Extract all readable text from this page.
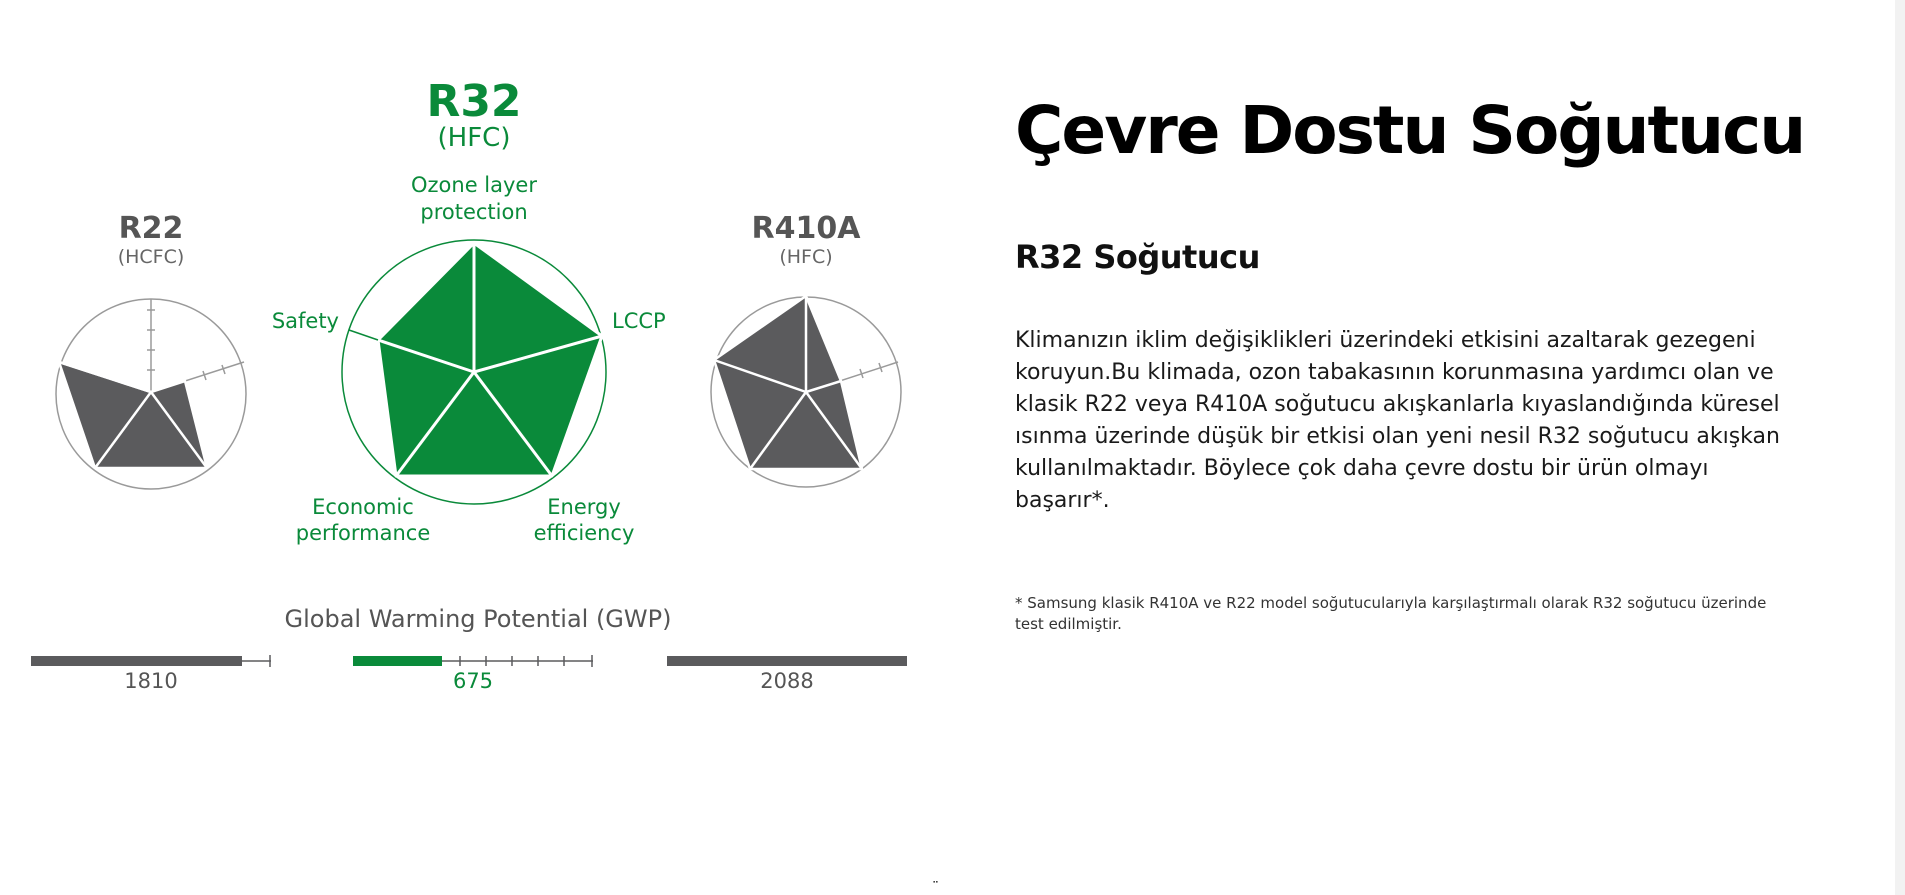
R32
(HFC)
Ozone layer
protection
LCCP
Safety
Economic
performance
Energy
efficiency
R22
(HCFC)
R410A
(HFC)
Global Warming Potential (GWP)
1810	675	2088
Çevre Dostu Soğutucu
R32 Soğutucu

Klimanızın iklim değişiklikleri üzerindeki etkisini azaltarak gezegeni koruyun.Bu klimada, ozon tabakasının korunmasına yardımcı olan ve klasik R22 veya R410A soğutucu akışkanlarla kıyaslandığında küresel ısınma üzerinde düşük bir etkisi olan yeni nesil R32 soğutucu akışkan kullanılmaktadır. Böylece çok daha çevre dostu bir ürün olmayı başarır*.

* Samsung klasik R410A ve R22 model soğutucularıyla karşılaştırmalı olarak R32 soğutucu üzerinde test edilmiştir.
